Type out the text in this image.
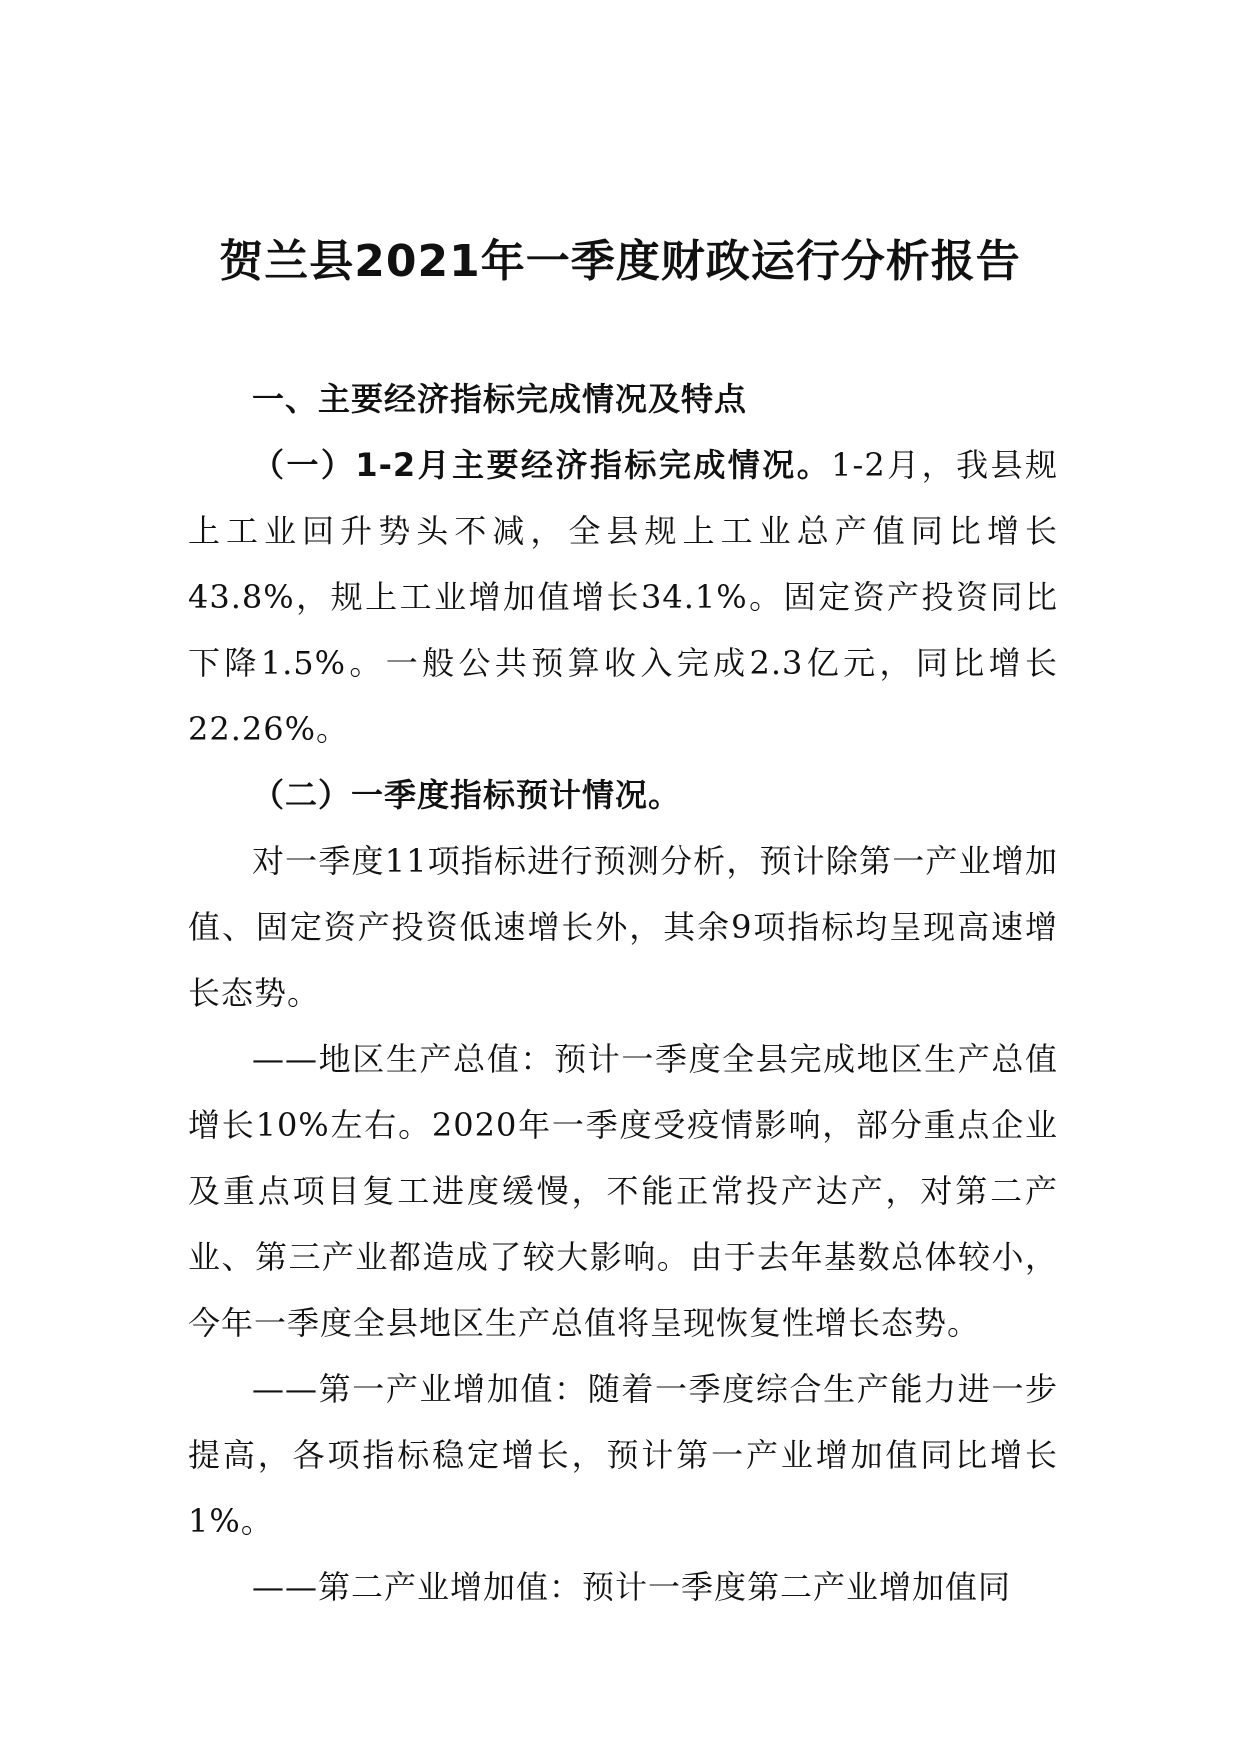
贺兰县2021年一季度财政运行分析报告

一、主要经济指标完成情况及特点

（一）1-2月主要经济指标完成情况。1-2月，我县规上工业回升势头不减，全县规上工业总产值同比增长43.8%，规上工业增加值增长34.1%。固定资产投资同比下降1.5%。一般公共预算收入完成2.3亿元，同比增长22.26%。

（二）一季度指标预计情况。

对一季度11项指标进行预测分析，预计除第一产业增加值、固定资产投资低速增长外，其余9项指标均呈现高速增长态势。

——地区生产总值：预计一季度全县完成地区生产总值增长10%左右。2020年一季度受疫情影响，部分重点企业及重点项目复工进度缓慢，不能正常投产达产，对第二产业、第三产业都造成了较大影响。由于去年基数总体较小，今年一季度全县地区生产总值将呈现恢复性增长态势。

——第一产业增加值：随着一季度综合生产能力进一步提高，各项指标稳定增长，预计第一产业增加值同比增长1%。

——第二产业增加值：预计一季度第二产业增加值同
